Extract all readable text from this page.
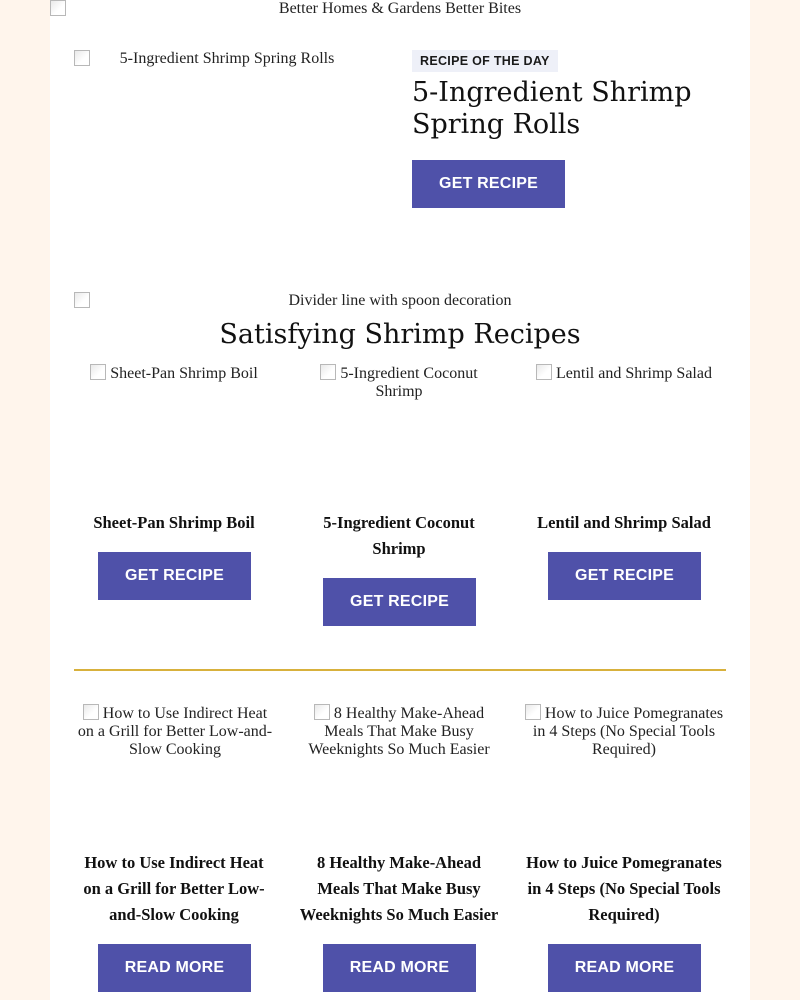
Better Homes & Gardens Better Bites
5-Ingredient Shrimp Spring Rolls	RECIPE OF THE DAY
5-Ingredient Shrimp Spring Rolls
GET RECIPE
Divider line with spoon decoration
Satisfying Shrimp Recipes
Sheet-Pan Shrimp Boil
Sheet-Pan Shrimp Boil
GET RECIPE
5-Ingredient Coconut Shrimp
5-Ingredient Coconut Shrimp
GET RECIPE
Lentil and Shrimp Salad
Lentil and Shrimp Salad
GET RECIPE
How to Use Indirect Heat on a Grill for Better Low-and-Slow Cooking
How to Use Indirect Heat on a Grill for Better Low-and-Slow Cooking
READ MORE
8 Healthy Make-Ahead Meals That Make Busy Weeknights So Much Easier
8 Healthy Make-Ahead Meals That Make Busy Weeknights So Much Easier
READ MORE
How to Juice Pomegranates in 4 Steps (No Special Tools Required)
How to Juice Pomegranates in 4 Steps (No Special Tools Required)
READ MORE
